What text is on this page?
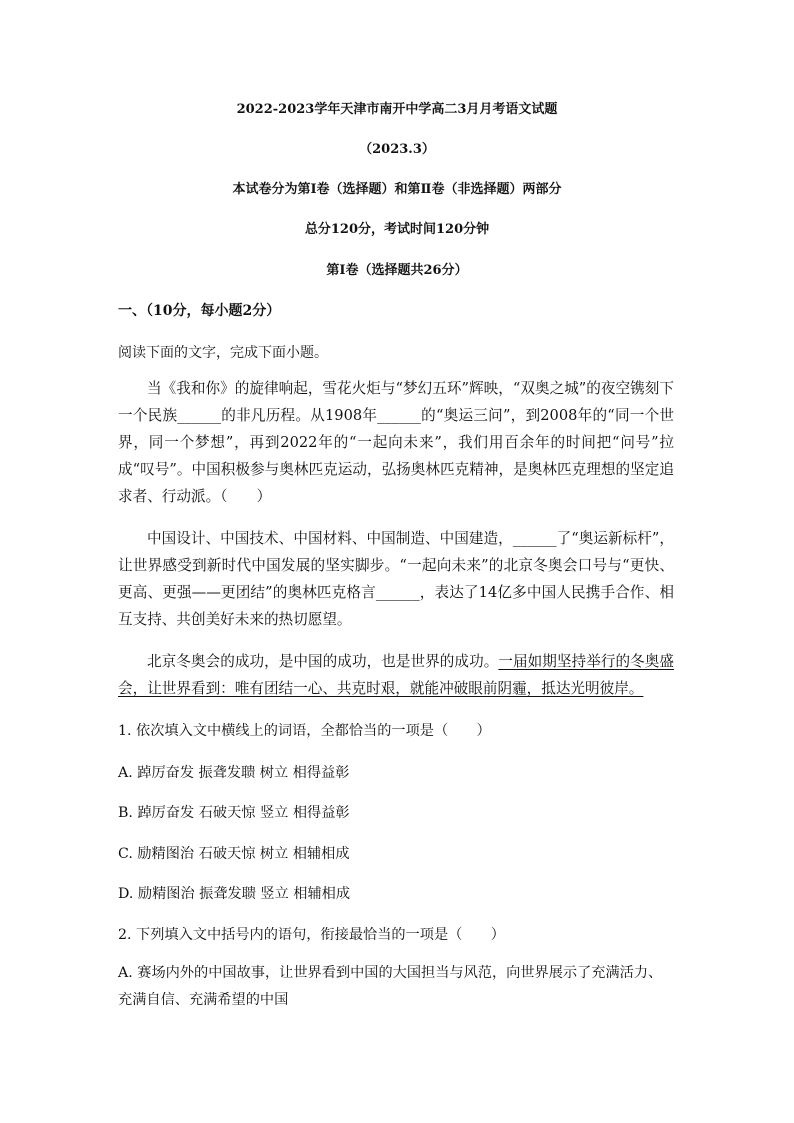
2022-2023学年天津市南开中学高二3月月考语文试题
（2023.3）
本试卷分为第Ⅰ卷（选择题）和第Ⅱ卷（非选择题）两部分
总分120分，考试时间120分钟
第Ⅰ卷（选择题共26分）
一、（10分，每小题2分）
阅读下面的文字，完成下面小题。

当《我和你》的旋律响起，雪花火炬与“梦幻五环”辉映，“双奥之城”的夜空镌刻下一个民族______的非凡历程。从1908年______的“奥运三问”，到2008年的“同一个世界，同一个梦想”，再到2022年的“一起向未来”，我们用百余年的时间把“问号”拉成“叹号”。中国积极参与奥林匹克运动，弘扬奥林匹克精神，是奥林匹克理想的坚定追求者、行动派。（　　）

中国设计、中国技术、中国材料、中国制造、中国建造，______了“奥运新标杆”，让世界感受到新时代中国发展的坚实脚步。“一起向未来”的北京冬奥会口号与“更快、更高、更强——更团结”的奥林匹克格言______，表达了14亿多中国人民携手合作、相互支持、共创美好未来的热切愿望。

北京冬奥会的成功，是中国的成功，也是世界的成功。一届如期坚持举行的冬奥盛会，让世界看到：唯有团结一心、共克时艰，就能冲破眼前阴霾，抵达光明彼岸。

1. 依次填入文中横线上的词语，全都恰当的一项是（　　）
A. 踔厉奋发 振聋发聩 树立 相得益彰
B. 踔厉奋发 石破天惊 竖立 相得益彰
C. 励精图治 石破天惊 树立 相辅相成
D. 励精图治 振聋发聩 竖立 相辅相成
2. 下列填入文中括号内的语句，衔接最恰当的一项是（　　）
A. 赛场内外的中国故事，让世界看到中国的大国担当与风范，向世界展示了充满活力、充满自信、充满希望的中国
